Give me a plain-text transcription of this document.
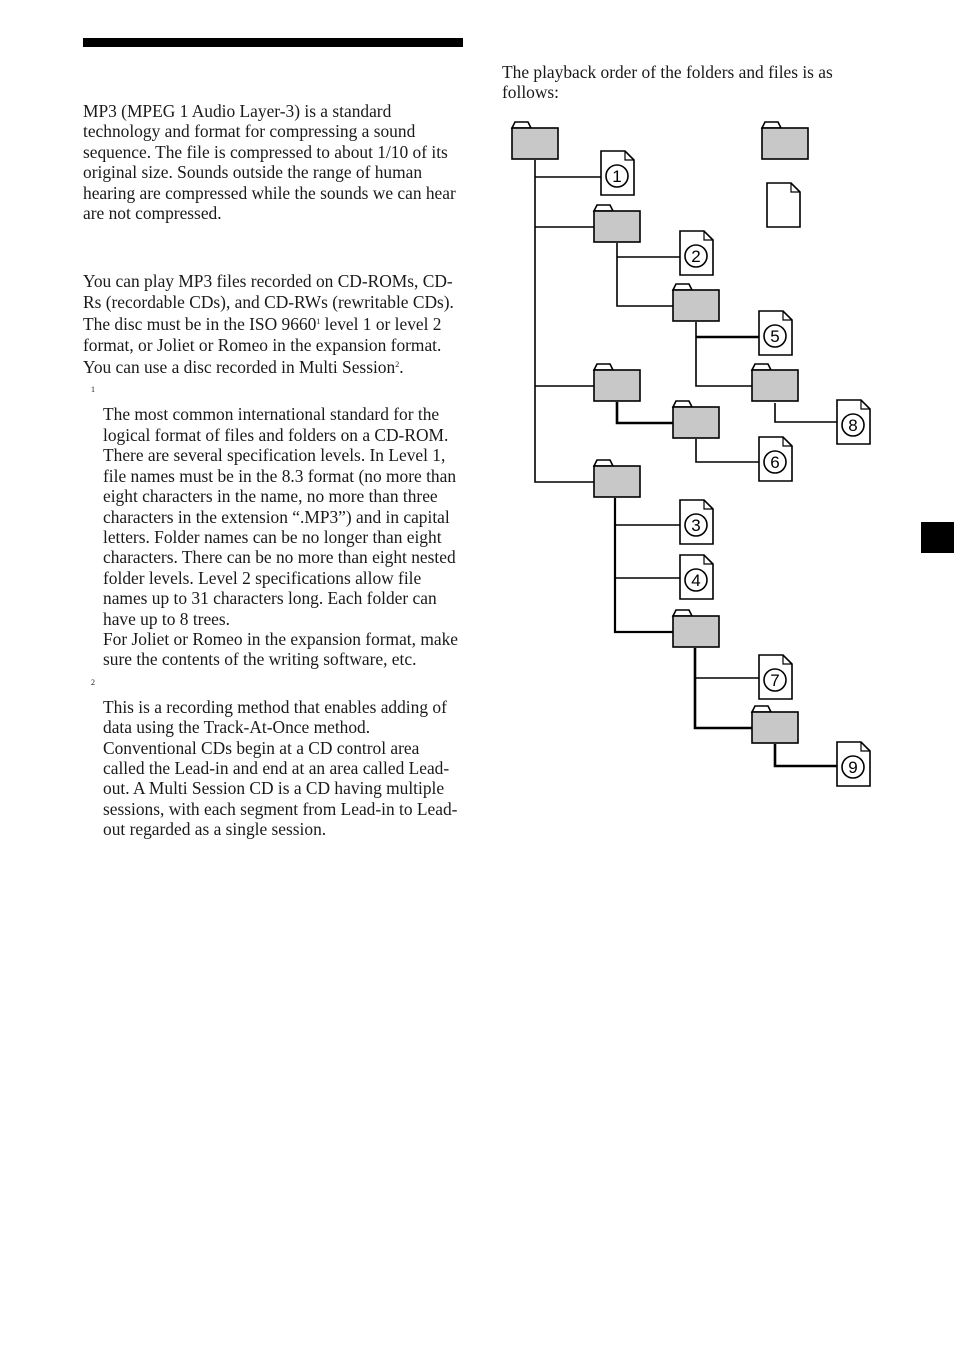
MP3 (MPEG 1 Audio Layer-3) is a standard technology and format for compressing a sound sequence. The file is compressed to about 1/10 of its original size. Sounds outside the range of human hearing are compressed while the sounds we can hear are not compressed.

You can play MP3 files recorded on CD-ROMs, CD-Rs (recordable CDs), and CD-RWs (rewritable CDs).

The disc must be in the ISO 9660$^1$ level 1 or level 2 format, or Joliet or Romeo in the expansion format.

You can use a disc recorded in Multi Session$^2$.

1

The most common international standard for the logical format of files and folders on a CD-ROM.

There are several specification levels. In Level 1, file names must be in the 8.3 format (no more than eight characters in the name, no more than three characters in the extension “.MP3”) and in capital letters. Folder names can be no longer than eight characters. There can be no more than eight nested folder levels. Level 2 specifications allow file names up to 31 characters long. Each folder can have up to 8 trees.

For Joliet or Romeo in the expansion format, make sure the contents of the writing software, etc.

2

This is a recording method that enables adding of data using the Track-At-Once method. Conventional CDs begin at a CD control area called the Lead-in and end at an area called Lead-out. A Multi Session CD is a CD having multiple sessions, with each segment from Lead-in to Lead-out regarded as a single session.

The playback order of the folders and files is as follows:

1
2
5
8
6
3
4
7
9
